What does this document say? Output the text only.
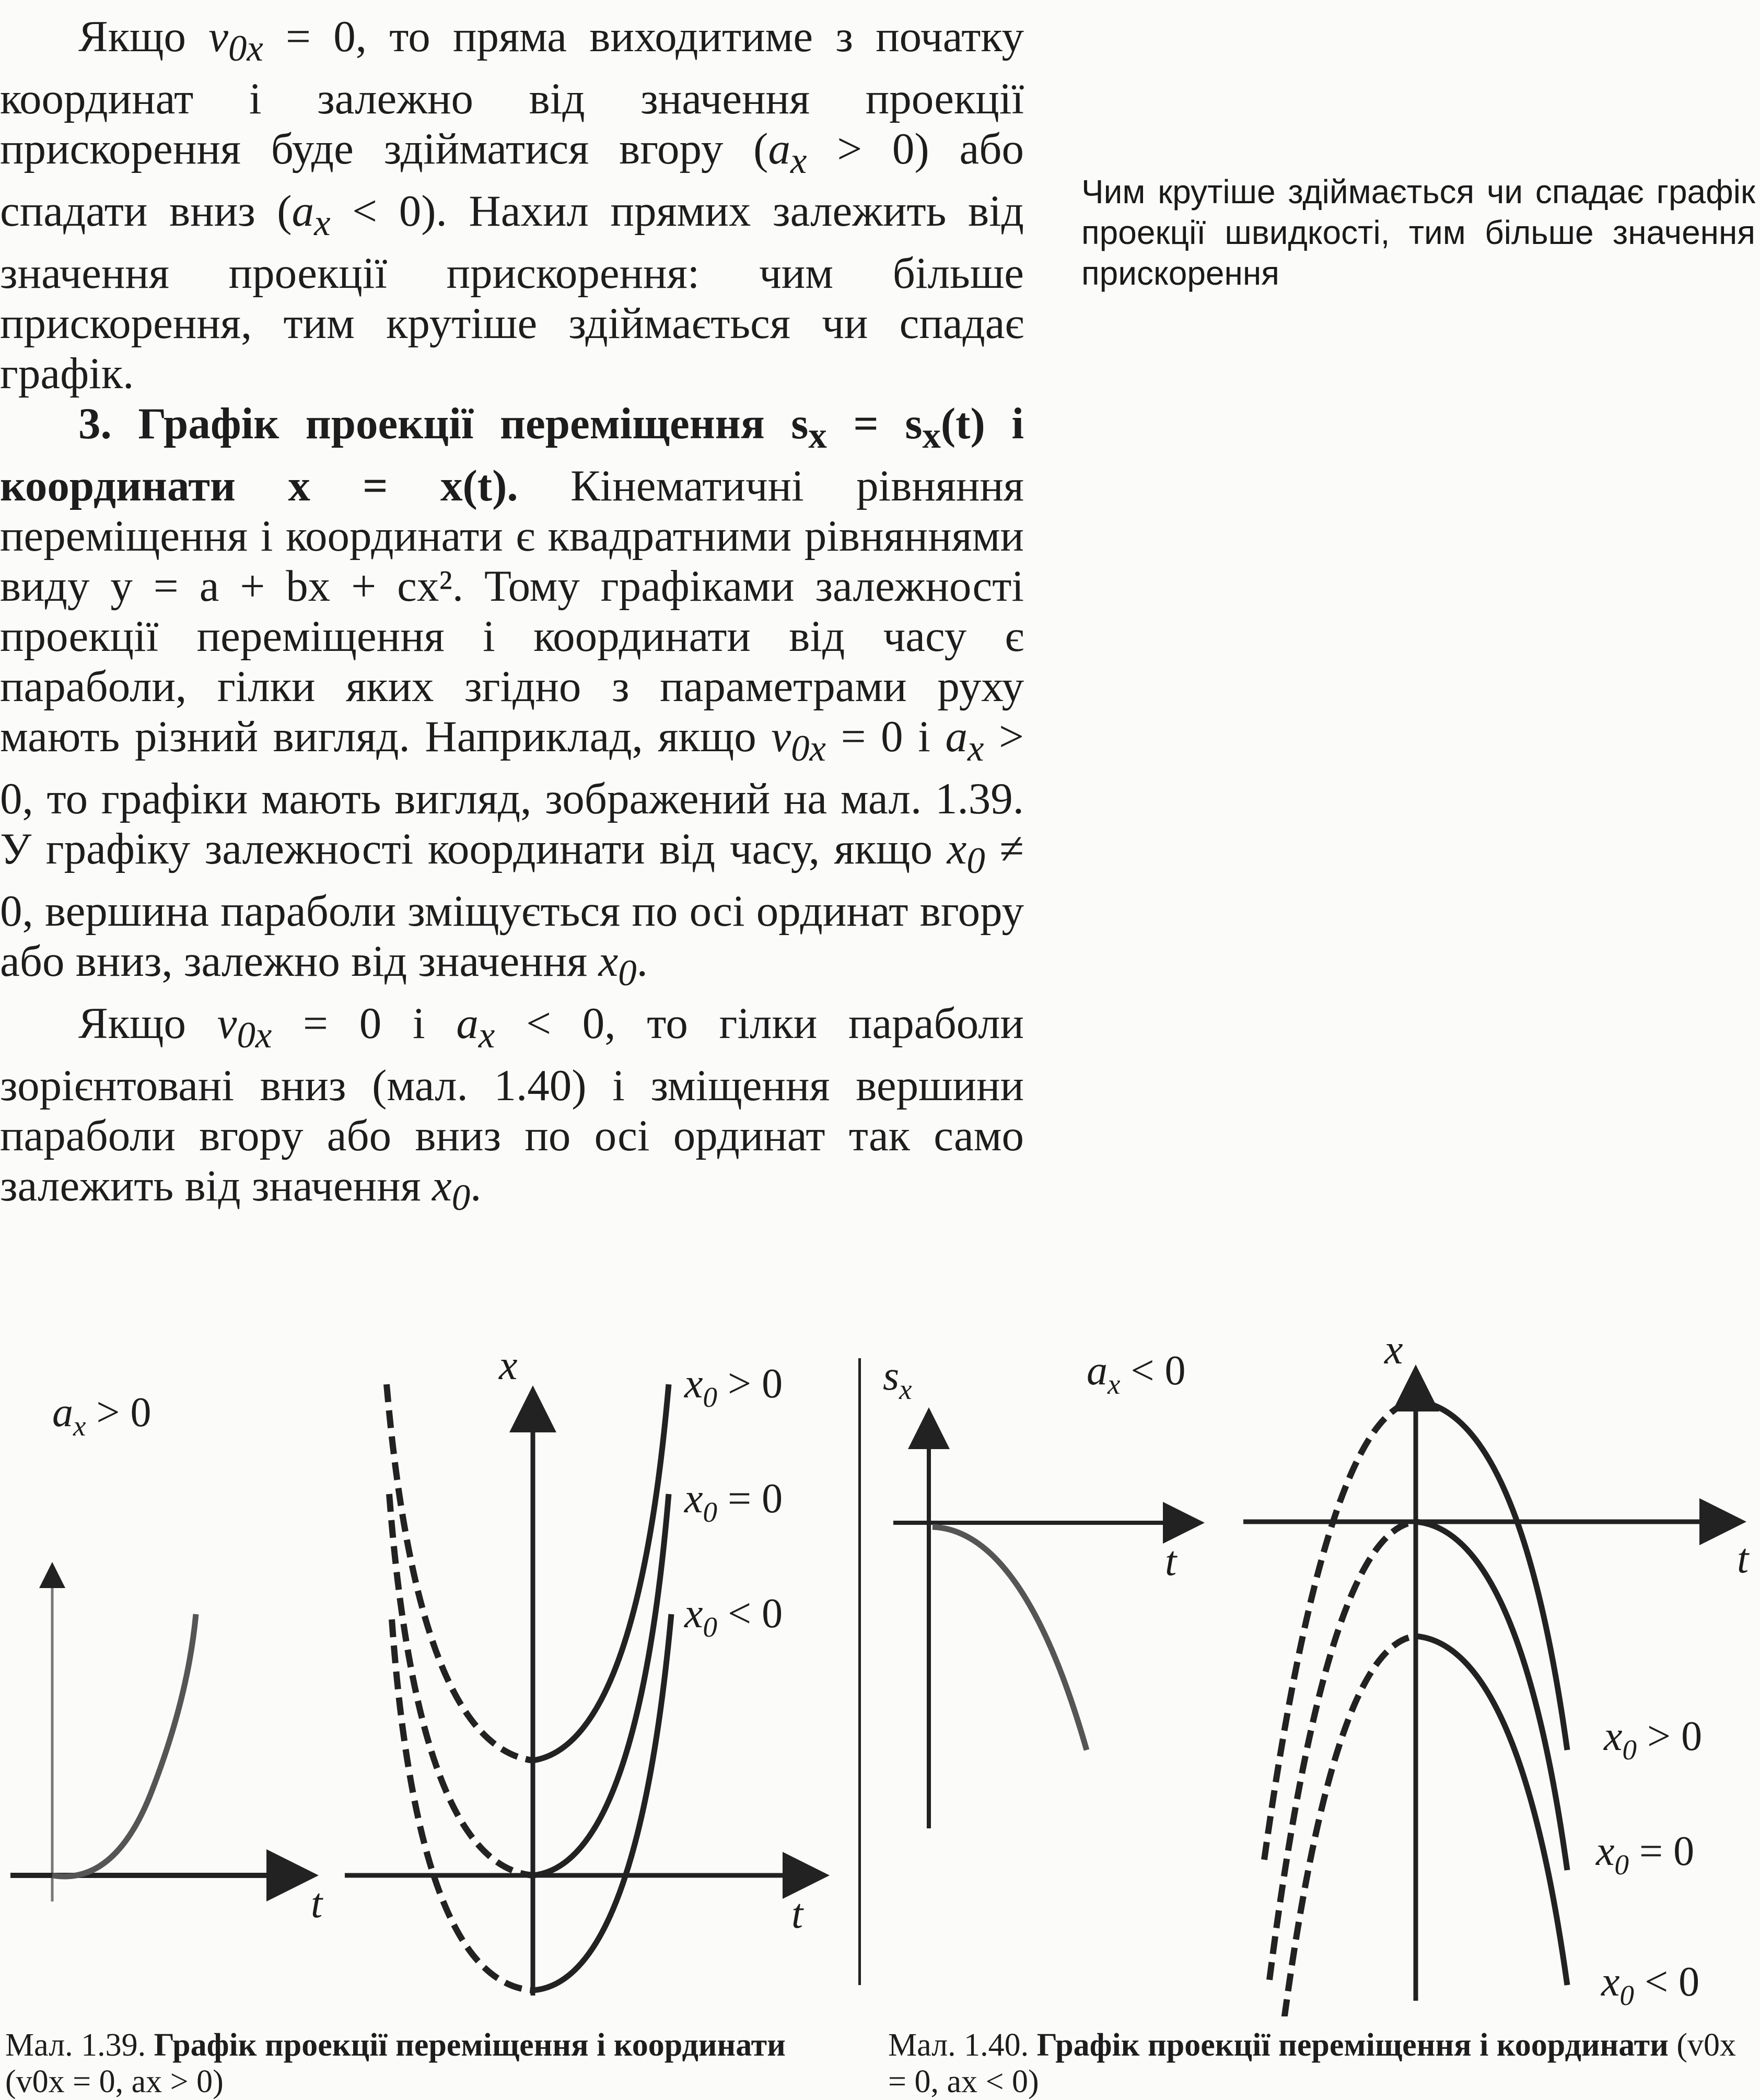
Якщо $v_{0x} = 0$, то пряма виходитиме з початку координат і залежно від значення проекції прискорення буде здійматися вгору $(a_x > 0)$ або спадати вниз $(a_x < 0)$. Нахил прямих залежить від значення проекції прискорення: чим більше прискорення, тим крутіше здіймається чи спадає графік.

3. Графік проекції переміщення $s_x = s_x(t)$ і координати x = x(t). Кінематичні рівняння переміщення і координати є квадратними рівняннями виду y = a + bx + cx². Тому графіками залежності проекції переміщення і координати від часу є параболи, гілки яких згідно з параметрами руху мають різний вигляд. Наприклад, якщо $v_{0x} = 0$ і $a_x > 0$, то графіки мають вигляд, зображений на мал. 1.39. У графіку залежності координати від часу, якщо $x_0 \ne 0$, вершина параболи зміщується по осі ординат вгору або вниз, залежно від значення $x_0$.

Якщо $v_{0x} = 0$ і $a_x < 0$, то гілки параболи зорієнтовані вниз (мал. 1.40) і зміщення вершини параболи вгору або вниз по осі ординат так само залежить від значення $x_0$.

Чим крутіше здіймається чи спадає графік проекції швидкості, тим більше значення прискорення
$a_x > 0$
t
x
t
$x_0 > 0$
$x_0 = 0$
$x_0 < 0$
$s_x$	$a_x < 0$
t
x
t
$x_0 > 0$
$x_0 = 0$
$x_0 < 0$
Мал. 1.39. Графік проекції переміщення і координати (v0x = 0, ax > 0)
Мал. 1.40. Графік проекції переміщення і координати (v0x = 0, ax < 0)
